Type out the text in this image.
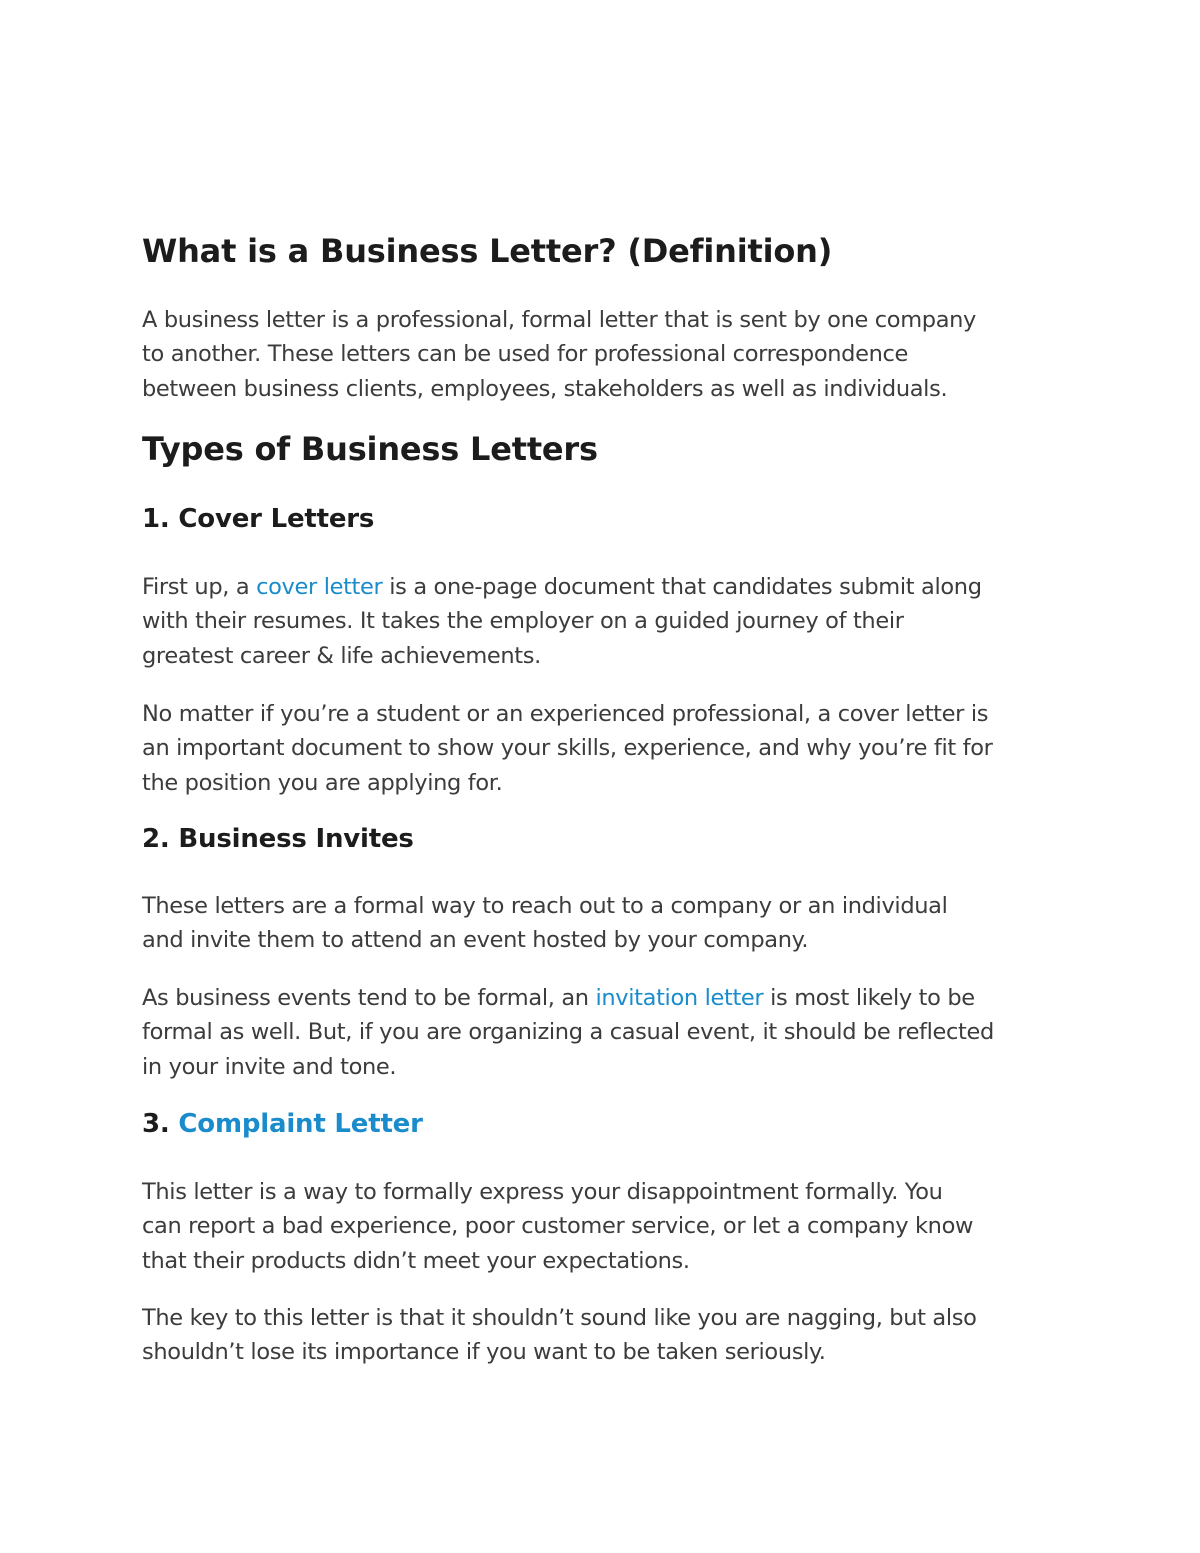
What is a Business Letter? (Definition)

A business letter is a professional, formal letter that is sent by one company
to another. These letters can be used for professional correspondence
between business clients, employees, stakeholders as well as individuals.

Types of Business Letters
1. Cover Letters

First up, a cover letter is a one-page document that candidates submit along
with their resumes. It takes the employer on a guided journey of their
greatest career & life achievements.

No matter if you’re a student or an experienced professional, a cover letter is
an important document to show your skills, experience, and why you’re fit for
the position you are applying for.

2. Business Invites

These letters are a formal way to reach out to a company or an individual
and invite them to attend an event hosted by your company.

As business events tend to be formal, an invitation letter is most likely to be
formal as well. But, if you are organizing a casual event, it should be reflected
in your invite and tone.

3. Complaint Letter

This letter is a way to formally express your disappointment formally. You
can report a bad experience, poor customer service, or let a company know
that their products didn’t meet your expectations.

The key to this letter is that it shouldn’t sound like you are nagging, but also
shouldn’t lose its importance if you want to be taken seriously.
